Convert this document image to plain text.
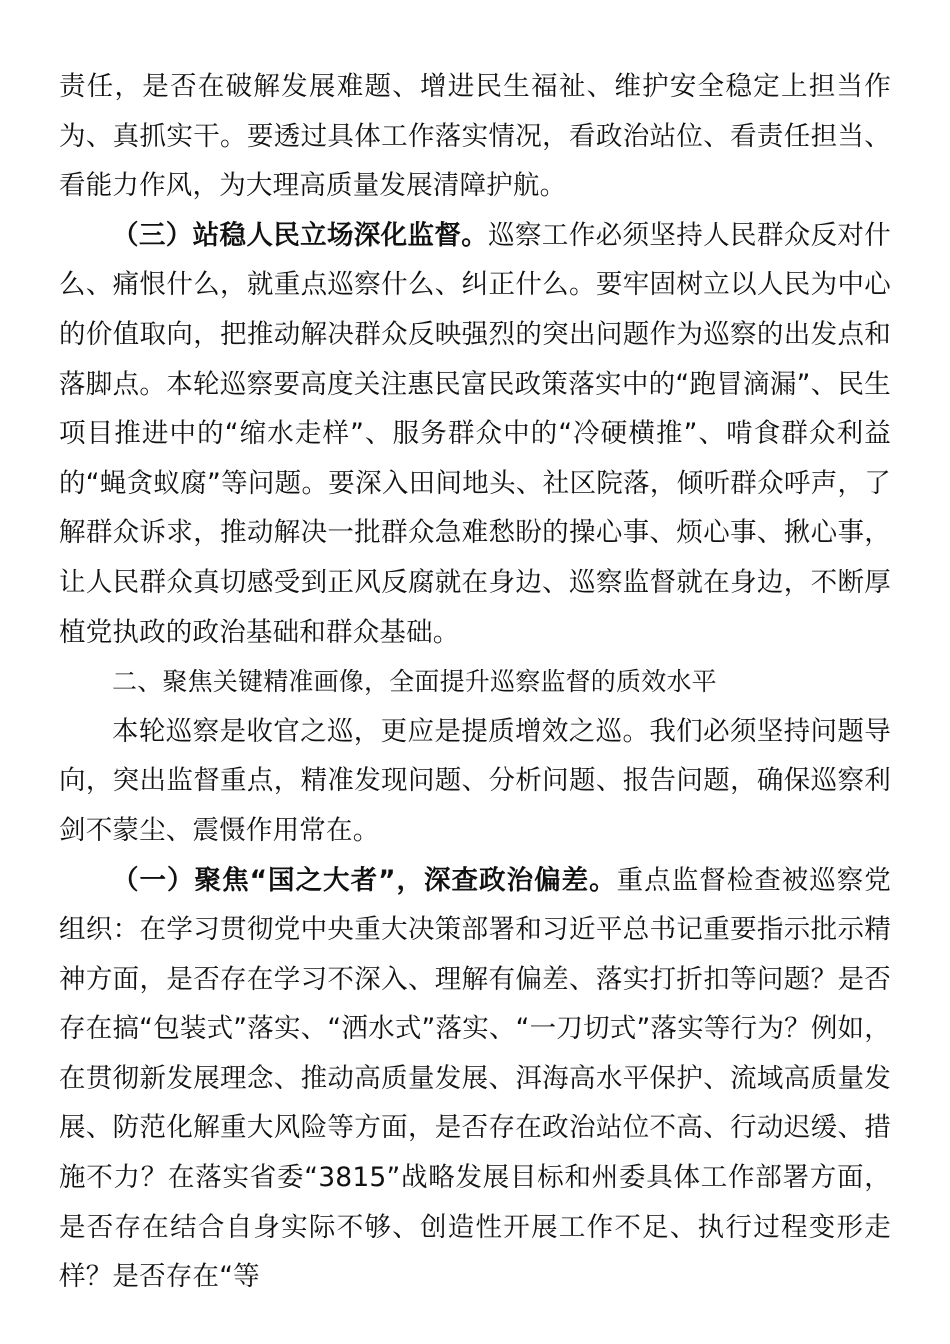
责任，是否在破解发展难题、增进民生福祉、维护安全稳定上担当作为、真抓实干。要透过具体工作落实情况，看政治站位、看责任担当、看能力作风，为大理高质量发展清障护航。

（三）站稳人民立场深化监督。巡察工作必须坚持人民群众反对什么、痛恨什么，就重点巡察什么、纠正什么。要牢固树立以人民为中心的价值取向，把推动解决群众反映强烈的突出问题作为巡察的出发点和落脚点。本轮巡察要高度关注惠民富民政策落实中的“跑冒滴漏”、民生项目推进中的“缩水走样”、服务群众中的“冷硬横推”、啃食群众利益的“蝇贪蚁腐”等问题。要深入田间地头、社区院落，倾听群众呼声，了解群众诉求，推动解决一批群众急难愁盼的操心事、烦心事、揪心事，让人民群众真切感受到正风反腐就在身边、巡察监督就在身边，不断厚植党执政的政治基础和群众基础。

二、聚焦关键精准画像，全面提升巡察监督的质效水平

本轮巡察是收官之巡，更应是提质增效之巡。我们必须坚持问题导向，突出监督重点，精准发现问题、分析问题、报告问题，确保巡察利剑不蒙尘、震慑作用常在。

（一）聚焦“国之大者”，深查政治偏差。重点监督检查被巡察党组织：在学习贯彻党中央重大决策部署和习近平总书记重要指示批示精神方面，是否存在学习不深入、理解有偏差、落实打折扣等问题？是否存在搞“包装式”落实、“洒水式”落实、“一刀切式”落实等行为？例如，在贯彻新发展理念、推动高质量发展、洱海高水平保护、流域高质量发展、防范化解重大风险等方面，是否存在政治站位不高、行动迟缓、措施不力？在落实省委“3815”战略发展目标和州委具体工作部署方面，是否存在结合自身实际不够、创造性开展工作不足、执行过程变形走样？是否存在“等
